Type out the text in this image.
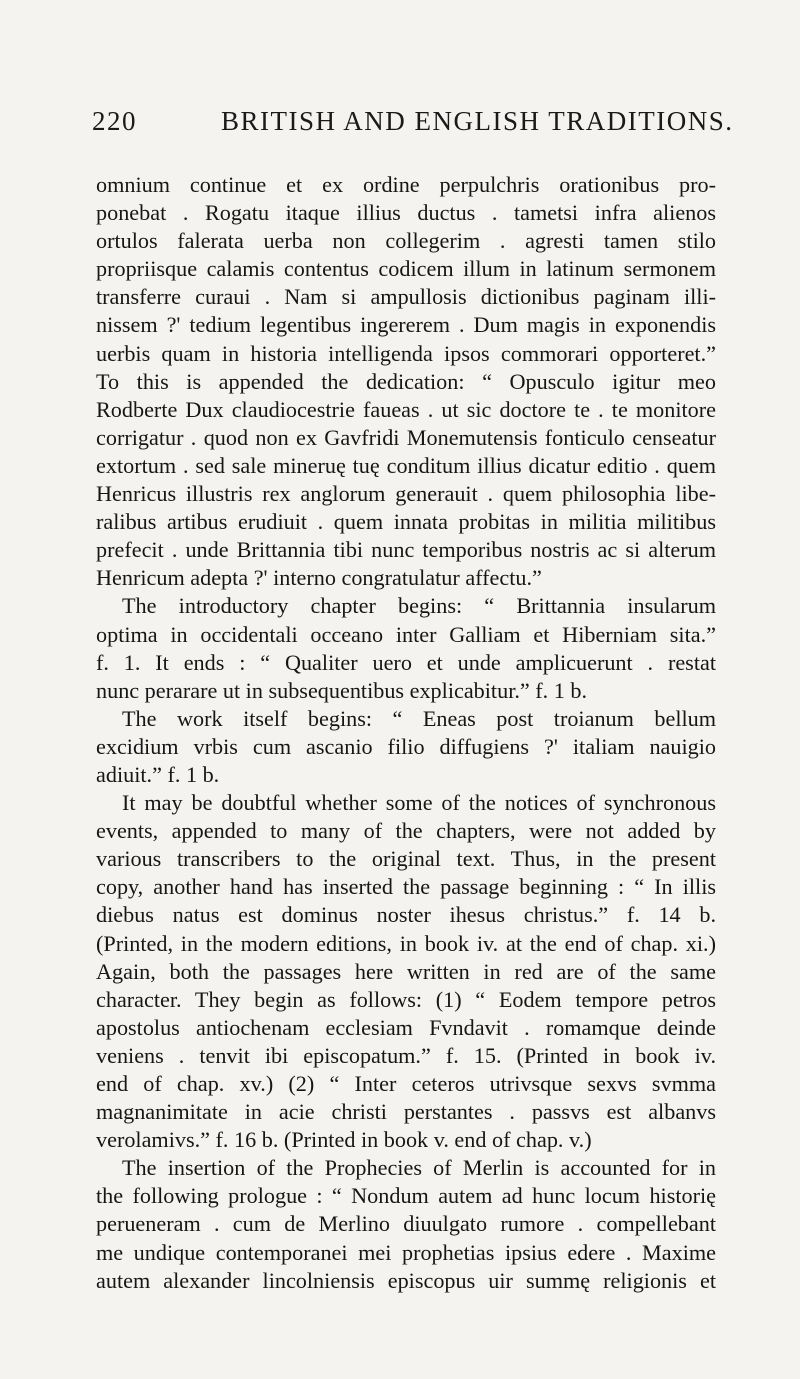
220	BRITISH AND ENGLISH TRADITIONS.
omnium continue et ex ordine perpulchris orationibus pro-
ponebat . Rogatu itaque illius ductus . tametsi infra alienos
ortulos falerata uerba non collegerim . agresti tamen stilo
propriisque calamis contentus codicem illum in latinum sermonem
transferre curaui . Nam si ampullosis dictionibus paginam illi-
nissem ?' tedium legentibus ingererem . Dum magis in exponendis
uerbis quam in historia intelligenda ipsos commorari opporteret.”
To this is appended the dedication: “ Opusculo igitur meo
Rodberte Dux claudiocestrie faueas . ut sic doctore te . te monitore
corrigatur . quod non ex Gavfridi Monemutensis fonticulo censeatur
extortum . sed sale mineruę tuę conditum illius dicatur editio . quem
Henricus illustris rex anglorum generauit . quem philosophia libe-
ralibus artibus erudiuit . quem innata probitas in militia militibus
prefecit . unde Brittannia tibi nunc temporibus nostris ac si alterum
Henricum adepta ?' interno congratulatur affectu.”
The introductory chapter begins: “ Brittannia insularum
optima in occidentali occeano inter Galliam et Hiberniam sita.”
f. 1. It ends : “ Qualiter uero et unde amplicuerunt . restat
nunc perarare ut in subsequentibus explicabitur.” f. 1 b.
The work itself begins: “ Eneas post troianum bellum
excidium vrbis cum ascanio filio diffugiens ?' italiam nauigio
adiuit.” f. 1 b.
It may be doubtful whether some of the notices of synchronous
events, appended to many of the chapters, were not added by
various transcribers to the original text. Thus, in the present
copy, another hand has inserted the passage beginning : “ In illis
diebus natus est dominus noster ihesus christus.” f. 14 b.
(Printed, in the modern editions, in book iv. at the end of chap. xi.)
Again, both the passages here written in red are of the same
character. They begin as follows: (1) “ Eodem tempore petros
apostolus antiochenam ecclesiam Fvndavit . romamque deinde
veniens . tenvit ibi episcopatum.” f. 15. (Printed in book iv.
end of chap. xv.) (2) “ Inter ceteros utrivsque sexvs svmma
magnanimitate in acie christi perstantes . passvs est albanvs
verolamivs.” f. 16 b. (Printed in book v. end of chap. v.)
The insertion of the Prophecies of Merlin is accounted for in
the following prologue : “ Nondum autem ad hunc locum historię
perueneram . cum de Merlino diuulgato rumore . compellebant
me undique contemporanei mei prophetias ipsius edere . Maxime
autem alexander lincolniensis episcopus uir summę religionis et
